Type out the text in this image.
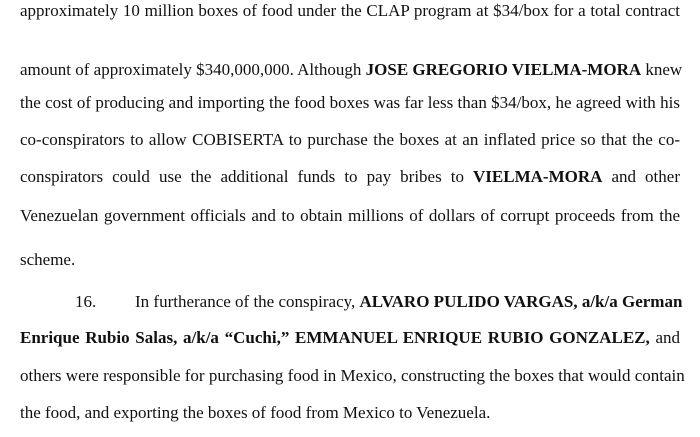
approximately 10 million boxes of food under the CLAP program at $34/box for a total contract
amount of approximately $340,000,000. Although JOSE GREGORIO VIELMA-MORA knew
the cost of producing and importing the food boxes was far less than $34/box, he agreed with his
co-conspirators to allow COBISERTA to purchase the boxes at an inflated price so that the co-
conspirators could use the additional funds to pay bribes to VIELMA-MORA and other
Venezuelan government officials and to obtain millions of dollars of corrupt proceeds from the
scheme.
16. In furtherance of the conspiracy, ALVARO PULIDO VARGAS, a/k/a German
Enrique Rubio Salas, a/k/a “Cuchi,” EMMANUEL ENRIQUE RUBIO GONZALEZ, and
others were responsible for purchasing food in Mexico, constructing the boxes that would contain
the food, and exporting the boxes of food from Mexico to Venezuela.
